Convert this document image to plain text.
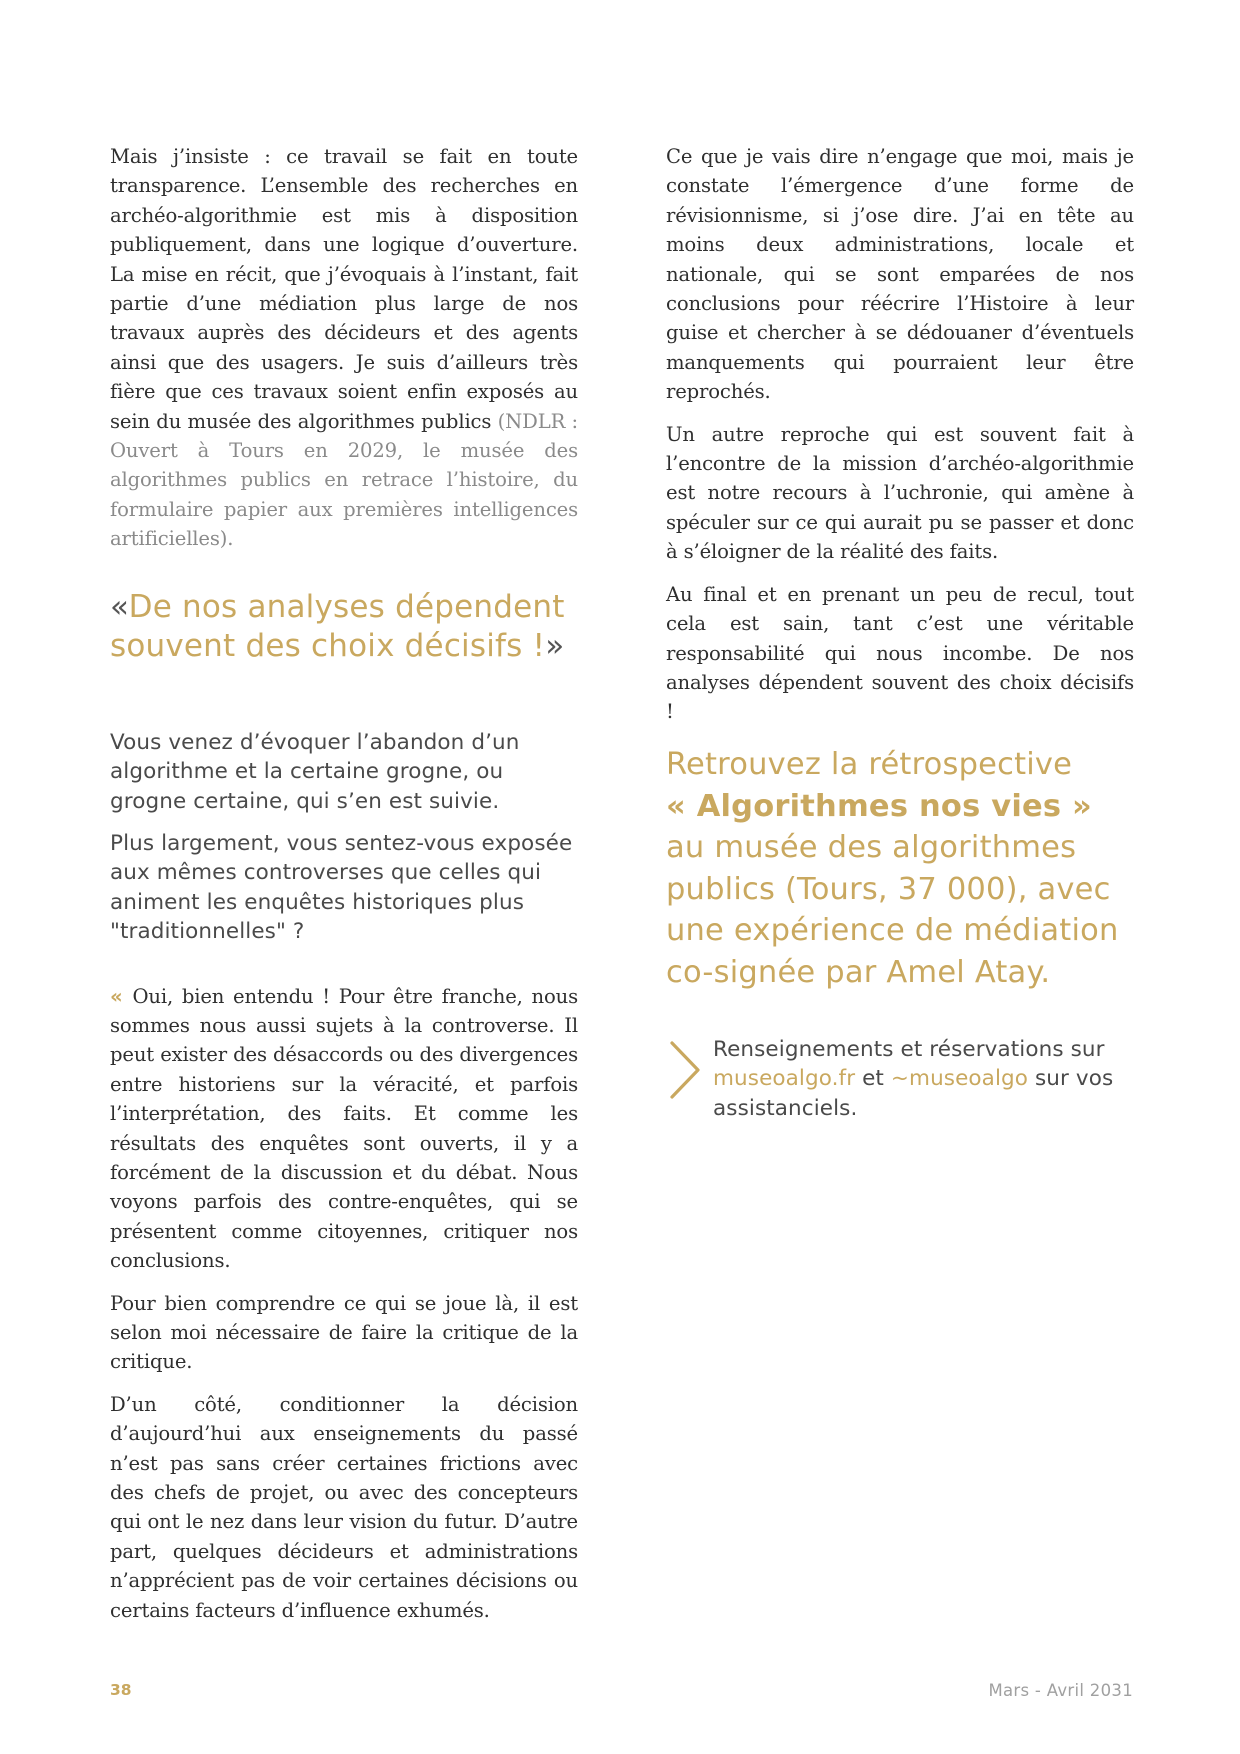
Mais j’insiste : ce travail se fait en toute transparence. L’ensemble des recherches en archéo-algorithmie est mis à disposition publiquement, dans une logique d’ouverture. La mise en récit, que j’évoquais à l’instant, fait partie d’une médiation plus large de nos travaux auprès des décideurs et des agents ainsi que des usagers. Je suis d’ailleurs très fière que ces travaux soient enfin exposés au sein du musée des algorithmes publics (NDLR : Ouvert à Tours en 2029, le musée des algorithmes publics en retrace l’histoire, du formulaire papier aux premières intelligences artificielles).

«De nos analyses dépendent souvent des choix décisifs !»

Vous venez d’évoquer l’abandon d’un algorithme et la certaine grogne, ou grogne certaine, qui s’en est suivie.

Plus largement, vous sentez-vous exposée aux mêmes controverses que celles qui animent les enquêtes historiques plus "traditionnelles" ?

« Oui, bien entendu ! Pour être franche, nous sommes nous aussi sujets à la controverse. Il peut exister des désaccords ou des divergences entre historiens sur la véracité, et parfois l’interprétation, des faits. Et comme les résultats des enquêtes sont ouverts, il y a forcément de la discussion et du débat. Nous voyons parfois des contre-enquêtes, qui se présentent comme citoyennes, critiquer nos conclusions.

Pour bien comprendre ce qui se joue là, il est selon moi nécessaire de faire la critique de la critique.

D’un côté, conditionner la décision d’aujourd’hui aux enseignements du passé n’est pas sans créer certaines frictions avec des chefs de projet, ou avec des concepteurs qui ont le nez dans leur vision du futur. D’autre part, quelques décideurs et administrations n’apprécient pas de voir certaines décisions ou certains facteurs d’influence exhumés.

Ce que je vais dire n’engage que moi, mais je constate l’émergence d’une forme de révisionnisme, si j’ose dire. J’ai en tête au moins deux administrations, locale et nationale, qui se sont emparées de nos conclusions pour réécrire l’Histoire à leur guise et chercher à se dédouaner d’éventuels manquements qui pourraient leur être reprochés.

Un autre reproche qui est souvent fait à l’encontre de la mission d’archéo-algorithmie est notre recours à l’uchronie, qui amène à spéculer sur ce qui aurait pu se passer et donc à s’éloigner de la réalité des faits.

Au final et en prenant un peu de recul, tout cela est sain, tant c’est une véritable responsabilité qui nous incombe. De nos analyses dépendent souvent des choix décisifs !

Retrouvez la rétrospective
« Algorithmes nos vies »
au musée des algorithmes publics (Tours, 37 000), avec une expérience de médiation co-signée par Amel Atay.
Renseignements et réservations sur museoalgo.fr et ~museoalgo sur vos assistanciels.
38	Mars - Avril 2031
